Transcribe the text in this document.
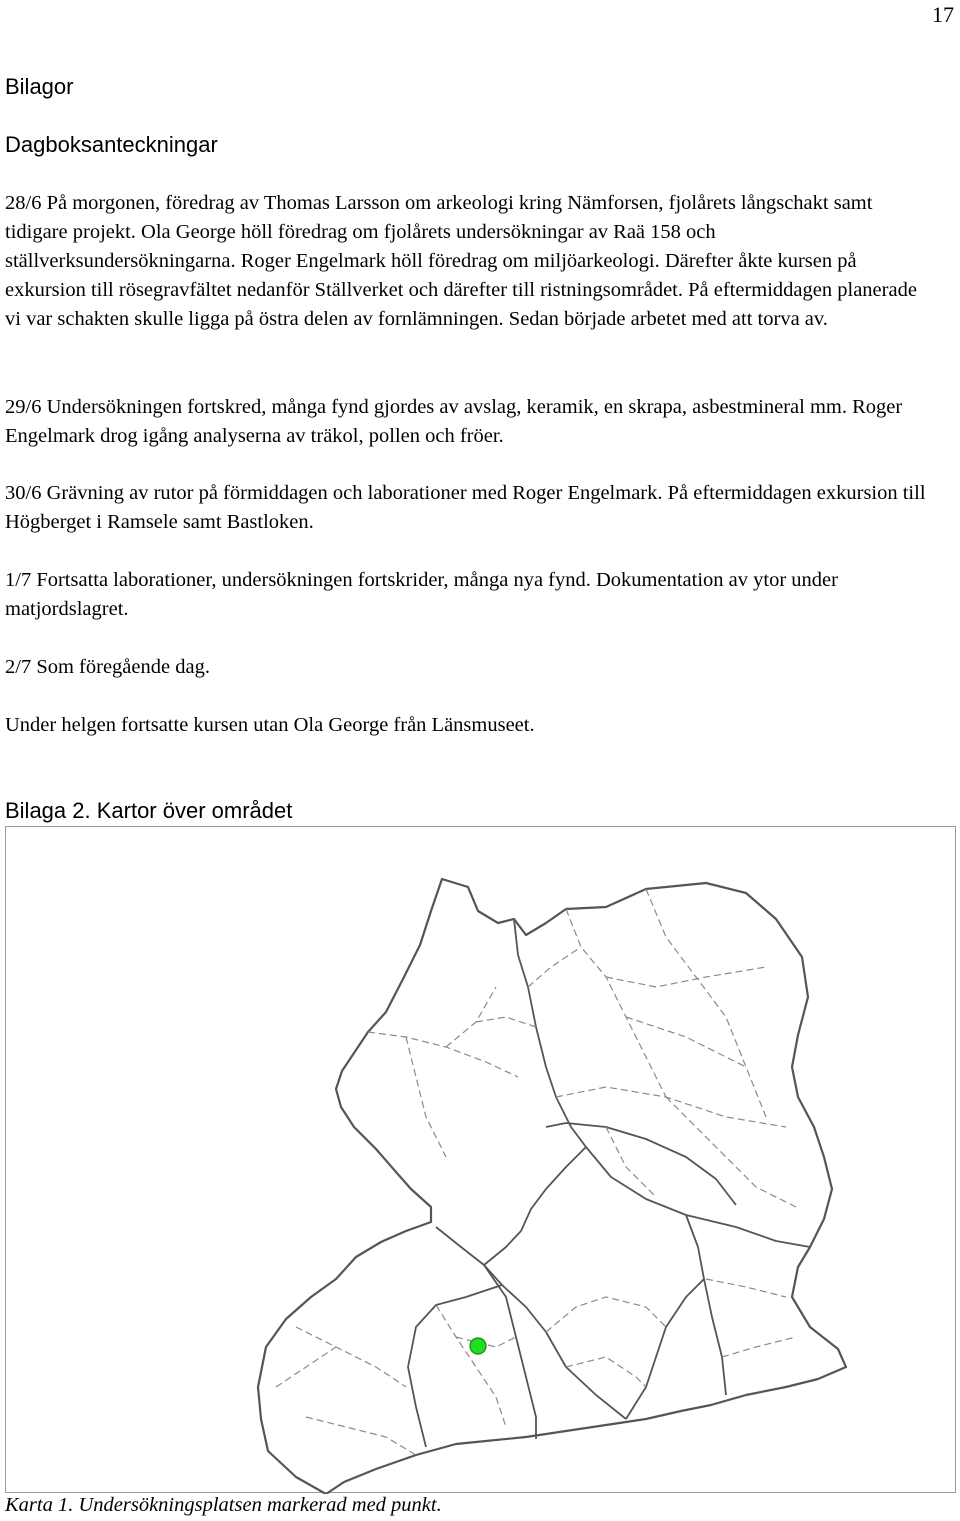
17
Bilagor
Dagboksanteckningar

28/6 På morgonen, föredrag av Thomas Larsson om arkeologi kring Nämforsen, fjolårets långschakt samt tidigare projekt. Ola George höll föredrag om fjolårets undersökningar av Raä 158 och ställverksundersökningarna. Roger Engelmark höll föredrag om miljöarkeologi. Därefter åkte kursen på exkursion till rösegravfältet nedanför Ställverket och därefter till ristningsområdet. På eftermiddagen planerade vi var schakten skulle ligga på östra delen av fornlämningen. Sedan började arbetet med att torva av.

29/6 Undersökningen fortskred, många fynd gjordes av avslag, keramik, en skrapa, asbestmineral mm. Roger Engelmark drog igång analyserna av träkol, pollen och fröer.

30/6 Grävning av rutor på förmiddagen och laborationer med Roger Engelmark. På eftermiddagen exkursion till Högberget i Ramsele samt Bastloken.

1/7 Fortsatta laborationer, undersökningen fortskrider, många nya fynd. Dokumentation av ytor under matjordslagret.

2/7 Som föregående dag.

Under helgen fortsatte kursen utan Ola George från Länsmuseet.

Bilaga 2. Kartor över området

Karta 1. Undersökningsplatsen markerad med punkt.
